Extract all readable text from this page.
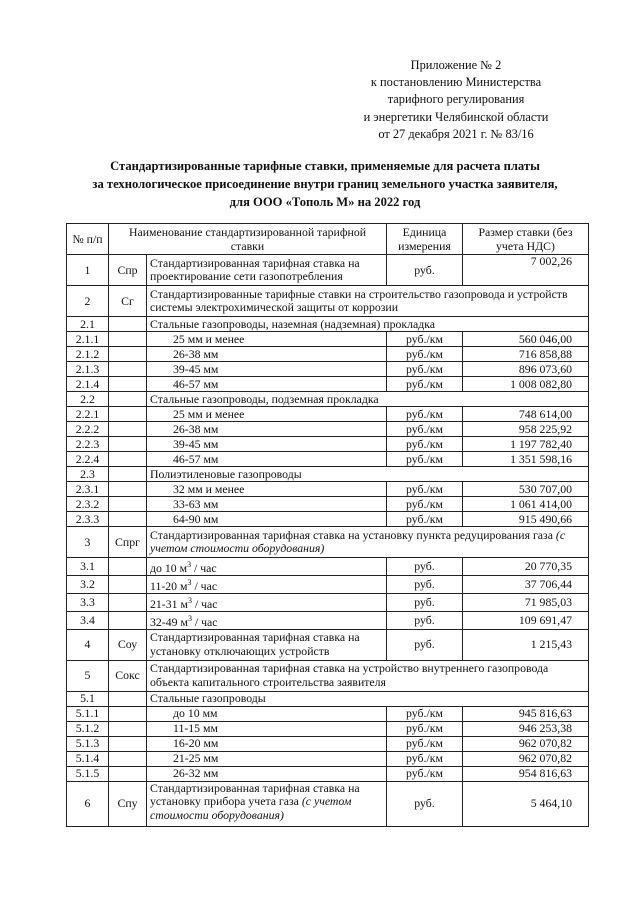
Приложение № 2
к постановлению Министерства
тарифного регулирования
и энергетики Челябинской области
от 27 декабря 2021 г. № 83/16
Стандартизированные тарифные ставки, применяемые для расчета платы
за технологическое присоединение внутри границ земельного участка заявителя,
для ООО «Тополь М» на 2022 год
№ п/п	Наименование стандартизированной тарифной ставки		Единица измерения	Размер ставки (без учета НДС)
1	Спр	Стандартизированная тарифная ставка на проектирование сети газопотребления	руб.	7 002,26
2	Сг	Стандартизированные тарифные ставки на строительство газопровода и устройств системы электрохимической защиты от коррозии		
2.1		Стальные газопроводы, наземная (надземная) прокладка		
2.1.1		25 мм и менее	руб./км	560 046,00
2.1.2		26-38 мм	руб./км	716 858,88
2.1.3		39-45 мм	руб./км	896 073,60
2.1.4		46-57 мм	руб./км	1 008 082,80
2.2		Стальные газопроводы, подземная прокладка		
2.2.1		25 мм и менее	руб./км	748 614,00
2.2.2		26-38 мм	руб./км	958 225,92
2.2.3		39-45 мм	руб./км	1 197 782,40
2.2.4		46-57 мм	руб./км	1 351 598,16
2.3		Полиэтиленовые газопроводы		
2.3.1		32 мм и менее	руб./км	530 707,00
2.3.2		33-63 мм	руб./км	1 061 414,00
2.3.3		64-90 мм	руб./км	915 490,66
3	Спрг	Стандартизированная тарифная ставка на установку пункта редуцирования газа (с учетом стоимости оборудования)		
3.1		до 10 $м^3$ / час	руб.	20 770,35
3.2		11-20 $м^3$ / час	руб.	37 706,44
3.3		21-31 $м^3$ / час	руб.	71 985,03
3.4		32-49 $м^3$ / час	руб.	109 691,47
4	Соу	Стандартизированная тарифная ставка на установку отключающих устройств	руб.	1 215,43
5	Сокс	Стандартизированная тарифная ставка на устройство внутреннего газопровода объекта капитального строительства заявителя		
5.1		Стальные газопроводы		
5.1.1		до 10 мм	руб./км	945 816,63
5.1.2		11-15 мм	руб./км	946 253,38
5.1.3		16-20 мм	руб./км	962 070,82
5.1.4		21-25 мм	руб./км	962 070,82
5.1.5		26-32 мм	руб./км	954 816,63
6	Спу	Стандартизированная тарифная ставка на установку прибора учета газа (с учетом стоимости оборудования)	руб.	5 464,10
